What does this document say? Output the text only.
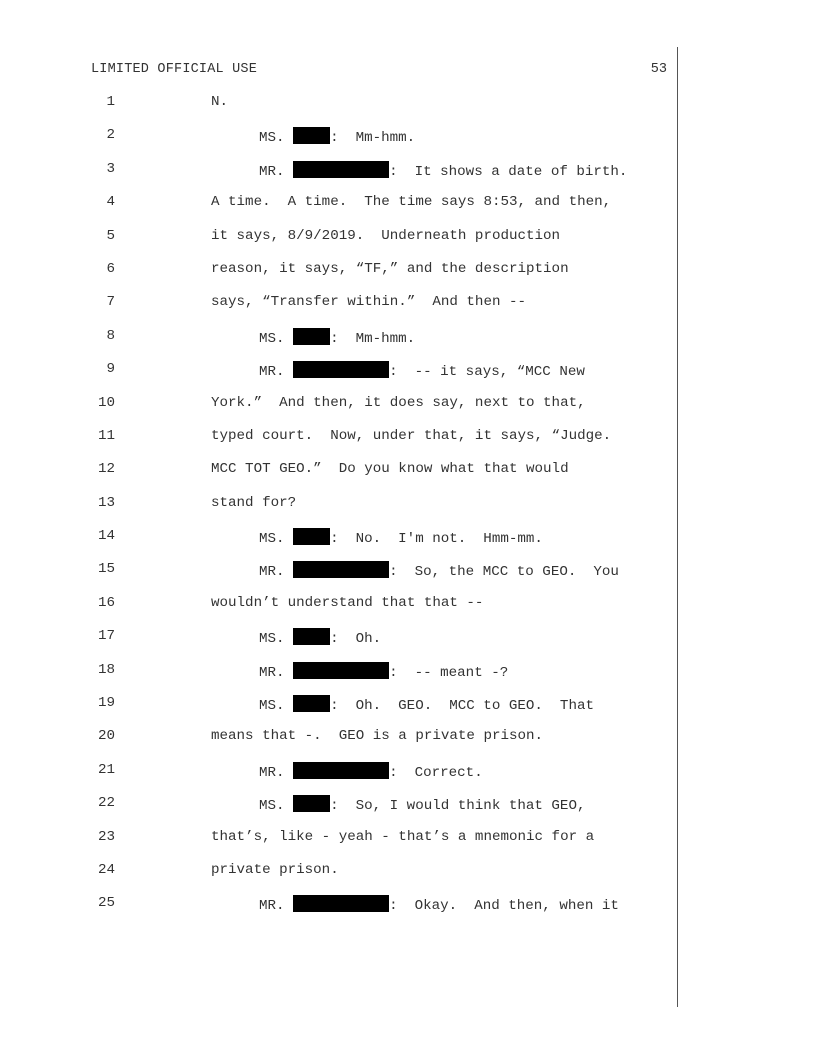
LIMITED OFFICIAL USE	53
1	N.
2	MS.	:  Mm-hmm.
3	MR.	:  It shows a date of birth.
4	A time.  A time.  The time says 8:53, and then,
5	it says, 8/9/2019.  Underneath production
6	reason, it says, “TF,” and the description
7	says, “Transfer within.”  And then --
8	MS.	:  Mm-hmm.
9	MR.	:  -- it says, “MCC New
10	York.”  And then, it does say, next to that,
11	typed court.  Now, under that, it says, “Judge.
12	MCC TOT GEO.”  Do you know what that would
13	stand for?
14	MS.	:  No.  I'm not.  Hmm-mm.
15	MR.	:  So, the MCC to GEO.  You
16	wouldn’t understand that that --
17	MS.	:  Oh.
18	MR.	:  -- meant -?
19	MS.	:  Oh.  GEO.  MCC to GEO.  That
20	means that -.  GEO is a private prison.
21	MR.	:  Correct.
22	MS.	:  So, I would think that GEO,
23	that’s, like - yeah - that’s a mnemonic for a
24	private prison.
25	MR.	:  Okay.  And then, when it
